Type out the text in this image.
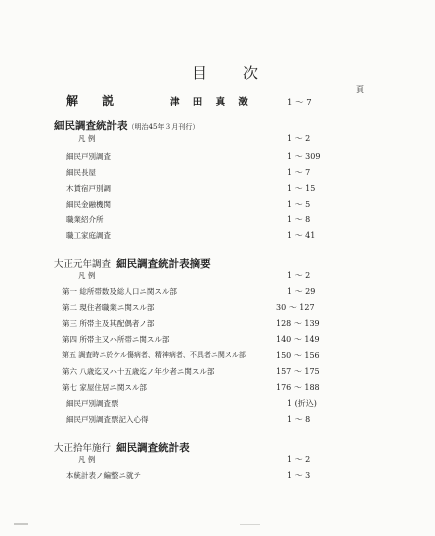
目 次
頁
解 説	津 田 真 澂	1 ～ 7
細民調査統計表（明治45年３月刊行）
凡 例	1 ～ 2
細民戸別調査	1 ～ 309
細民長屋	1 ～ 7
木賃宿戸別調	1 ～ 15
細民金融機関	1 ～ 5
職業紹介所	1 ～ 8
職工家庭調査	1 ～ 41
大正元年調査 細民調査統計表摘要
凡 例	1 ～ 2
第一 総所帯数及総人口ニ関スル部	1 ～ 29
第二 現住者職業ニ関スル部	30 ～ 127
第三 所帯主及其配偶者ノ部	128 ～ 139
第四 所帯主又ハ所帯ニ関スル部	140 ～ 149
第五 調査時ニ於ケル傷病者、精神病者、不具者ニ関スル部	150 ～ 156
第六 八歳迄又ハ十五歳迄ノ年少者ニ関スル部	157 ～ 175
第七 家屋住居ニ関スル部	176 ～ 188
細民戸別調査票	1 (折込)
細民戸別調査票記入心得	1 ～ 8
大正拾年施行 細民調査統計表
凡 例	1 ～ 2
本統計表ノ編整ニ就テ	1 ～ 3
